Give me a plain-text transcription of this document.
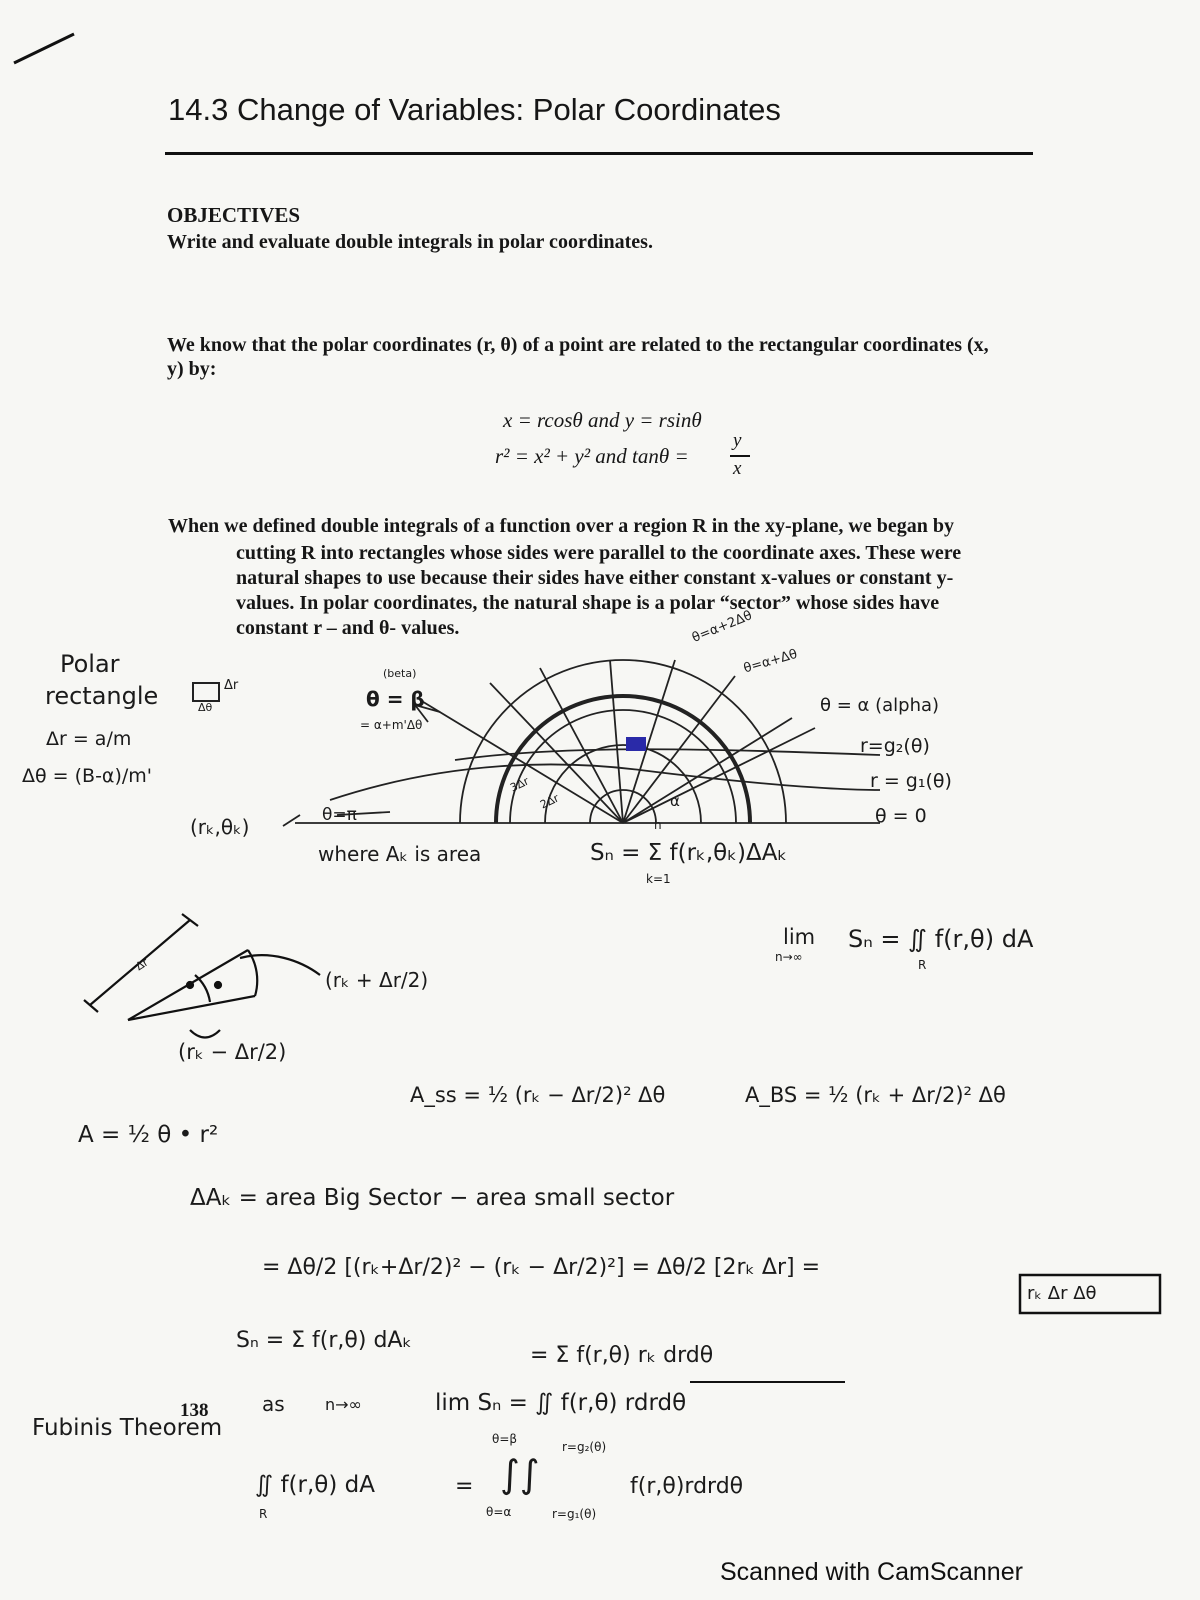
14.3 Change of Variables: Polar Coordinates
OBJECTIVES
Write and evaluate double integrals in polar coordinates.
We know that the polar coordinates (r, θ) of a point are related to the rectangular coordinates (x, y) by:
x = rcosθ and y = rsinθ
r² = x² + y² and tanθ =
y
x
When we defined double integrals of a function over a region R in the xy-plane, we began by
cutting R into rectangles whose sides were parallel to the coordinate axes. These were natural shapes to use because their sides have either constant x-values or constant y-values. In polar coordinates, the natural shape is a polar “sector” whose sides have constant r – and θ- values.
Polar
rectangle	Δr
Δθ
Δr = a/m
Δθ = (B-α)/m'
(rₖ,θₖ)
(beta)
θ = β
= α+m'Δθ
θ=π
where Aₖ is area
θ=α+2Δθ
θ=α+Δθ
θ = α (alpha)
r=g₂(θ)
r = g₁(θ)
θ = 0
3Δr
2Δr	α
Sₙ = Σ f(rₖ,θₖ)ΔAₖ
n
k=1
lim
n→∞
Sₙ = ∬ f(r,θ) dA
R
Δr
(rₖ + Δr/2)
(rₖ − Δr/2)
A_ss = ½ (rₖ − Δr/2)² Δθ	A_BS = ½ (rₖ + Δr/2)² Δθ
A = ½ θ • r²
ΔAₖ = area Big Sector − area small sector
= Δθ/2 [(rₖ+Δr/2)² − (rₖ − Δr/2)²] = Δθ/2 [2rₖ Δr] =
rₖ Δr Δθ
Sₙ = Σ f(r,θ) dAₖ
= Σ f(r,θ) rₖ drdθ
138	as	n→∞	lim Sₙ = ∬ f(r,θ) rdrdθ
Fubinis Theorem
∬ f(r,θ) dA
R
=
θ=β
θ=α
r=g₂(θ)
r=g₁(θ)
∫∫	f(r,θ)rdrdθ
Scanned with CamScanner
